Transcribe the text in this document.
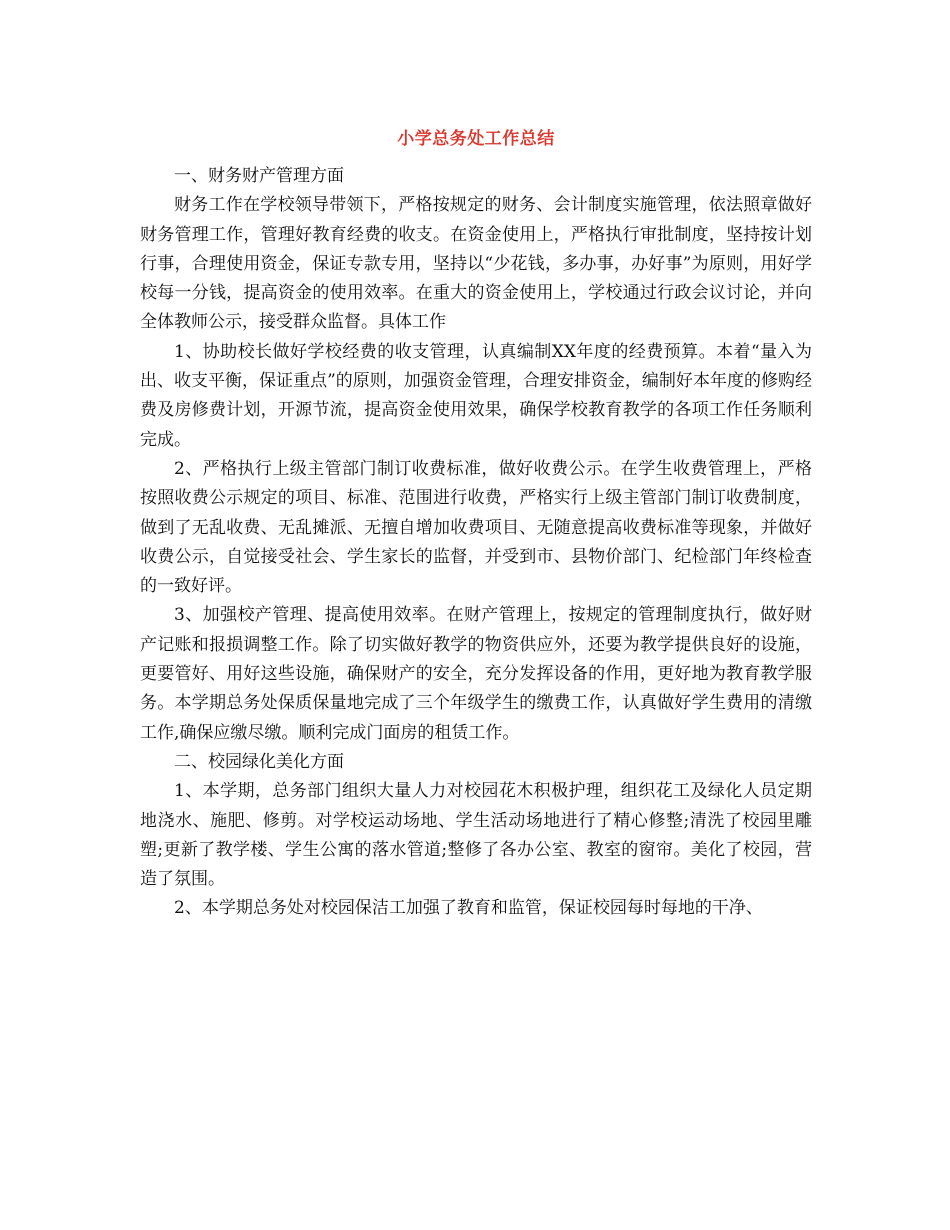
小学总务处工作总结

一、财务财产管理方面

财务工作在学校领导带领下，严格按规定的财务、会计制度实施管理，依法照章做好财务管理工作，管理好教育经费的收支。在资金使用上，严格执行审批制度，坚持按计划行事，合理使用资金，保证专款专用，坚持以“少花钱，多办事，办好事”为原则，用好学校每一分钱，提高资金的使用效率。在重大的资金使用上，学校通过行政会议讨论，并向全体教师公示，接受群众监督。具体工作

1、协助校长做好学校经费的收支管理，认真编制XX年度的经费预算。本着“量入为出、收支平衡，保证重点”的原则，加强资金管理，合理安排资金，编制好本年度的修购经费及房修费计划，开源节流，提高资金使用效果，确保学校教育教学的各项工作任务顺利完成。

2、严格执行上级主管部门制订收费标准，做好收费公示。在学生收费管理上，严格按照收费公示规定的项目、标准、范围进行收费，严格实行上级主管部门制订收费制度，做到了无乱收费、无乱摊派、无擅自增加收费项目、无随意提高收费标准等现象，并做好收费公示，自觉接受社会、学生家长的监督，并受到市、县物价部门、纪检部门年终检查的一致好评。

3、加强校产管理、提高使用效率。在财产管理上，按规定的管理制度执行，做好财产记账和报损调整工作。除了切实做好教学的物资供应外，还要为教学提供良好的设施，更要管好、用好这些设施，确保财产的安全，充分发挥设备的作用，更好地为教育教学服务。本学期总务处保质保量地完成了三个年级学生的缴费工作，认真做好学生费用的清缴工作,确保应缴尽缴。顺利完成门面房的租赁工作。

二、校园绿化美化方面

1、本学期，总务部门组织大量人力对校园花木积极护理，组织花工及绿化人员定期地浇水、施肥、修剪。对学校运动场地、学生活动场地进行了精心修整;清洗了校园里雕塑;更新了教学楼、学生公寓的落水管道;整修了各办公室、教室的窗帘。美化了校园，营造了氛围。

2、本学期总务处对校园保洁工加强了教育和监管，保证校园每时每地的干净、
